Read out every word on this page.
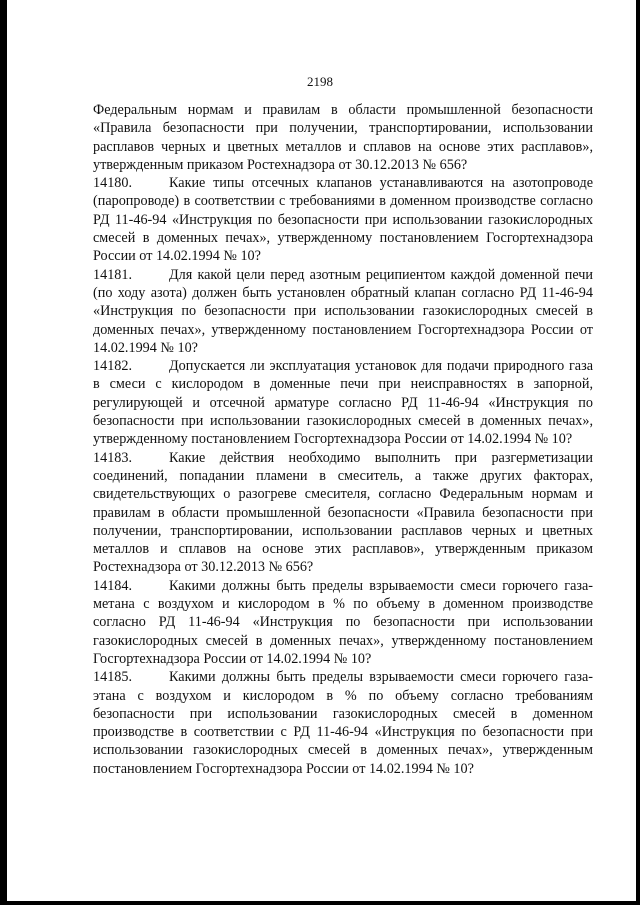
2198

Федеральным нормам и правилам в области промышленной безопасности «Правила безопасности при получении, транспортировании, использовании расплавов черных и цветных металлов и сплавов на основе этих расплавов», утвержденным приказом Ростехнадзора от 30.12.2013 № 656?

14180.	Какие типы отсечных клапанов устанавливаются на азотопроводе (паропроводе) в соответствии с требованиями в доменном производстве согласно РД 11-46-94 «Инструкция по безопасности при использовании газокислородных смесей в доменных печах», утвержденному постановлением Госгортехнадзора России от 14.02.1994 № 10?

14181.	Для какой цели перед азотным реципиентом каждой доменной печи (по ходу азота) должен быть установлен обратный клапан согласно РД 11-46-94 «Инструкция по безопасности при использовании газокислородных смесей в доменных печах», утвержденному постановлением Госгортехнадзора России от 14.02.1994 № 10?

14182.	Допускается ли эксплуатация установок для подачи природного газа в смеси с кислородом в доменные печи при неисправностях в запорной, регулирующей и отсечной арматуре согласно РД 11-46-94 «Инструкция по безопасности при использовании газокислородных смесей в доменных печах», утвержденному постановлением Госгортехнадзора России от 14.02.1994 № 10?

14183.	Какие действия необходимо выполнить при разгерметизации соединений, попадании пламени в смеситель, а также других факторах, свидетельствующих о разогреве смесителя, согласно Федеральным нормам и правилам в области промышленной безопасности «Правила безопасности при получении, транспортировании, использовании расплавов черных и цветных металлов и сплавов на основе этих расплавов», утвержденным приказом Ростехнадзора от 30.12.2013 № 656?

14184.	Какими должны быть пределы взрываемости смеси горючего газа-метана с воздухом и кислородом в % по объему в доменном производстве согласно РД 11-46-94 «Инструкция по безопасности при использовании газокислородных смесей в доменных печах», утвержденному постановлением Госгортехнадзора России от 14.02.1994 № 10?

14185.	Какими должны быть пределы взрываемости смеси горючего газа-этана с воздухом и кислородом в % по объему согласно требованиям безопасности при использовании газокислородных смесей в доменном производстве в соответствии с РД 11-46-94 «Инструкция по безопасности при использовании газокислородных смесей в доменных печах», утвержденным постановлением Госгортехнадзора России от 14.02.1994 № 10?
